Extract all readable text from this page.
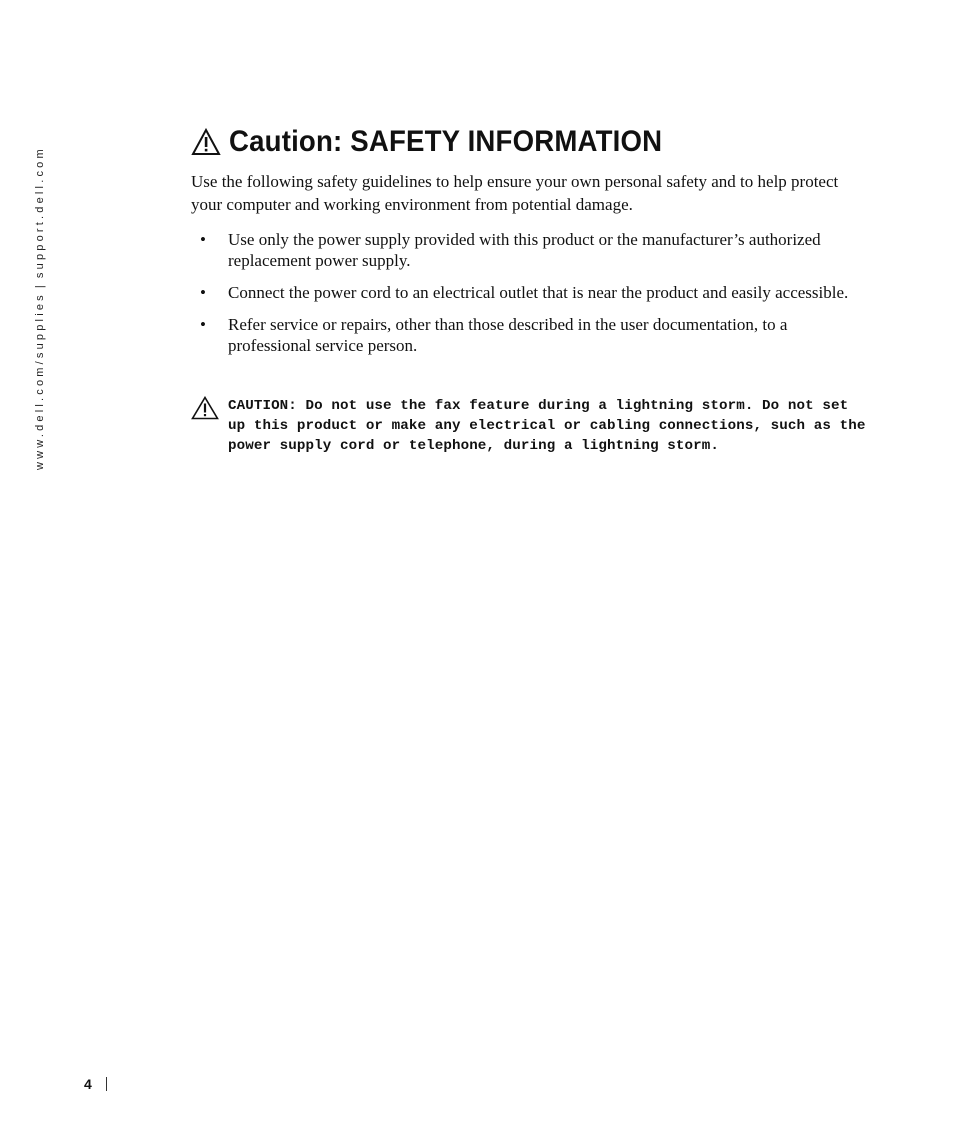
www.dell.com/supplies|support.dell.com
Caution: SAFETY INFORMATION

Use the following safety guidelines to help ensure your own personal safety and to help protect your computer and working environment from potential damage.

• Use only the power supply provided with this product or the manufacturer’s authorized replacement power supply.
• Connect the power cord to an electrical outlet that is near the product and easily accessible.
• Refer service or repairs, other than those described in the user documentation, to a professional service person.

CAUTION: Do not use the fax feature during a lightning storm. Do not set up this product or make any electrical or cabling connections, such as the power supply cord or telephone, during a lightning storm.

4
